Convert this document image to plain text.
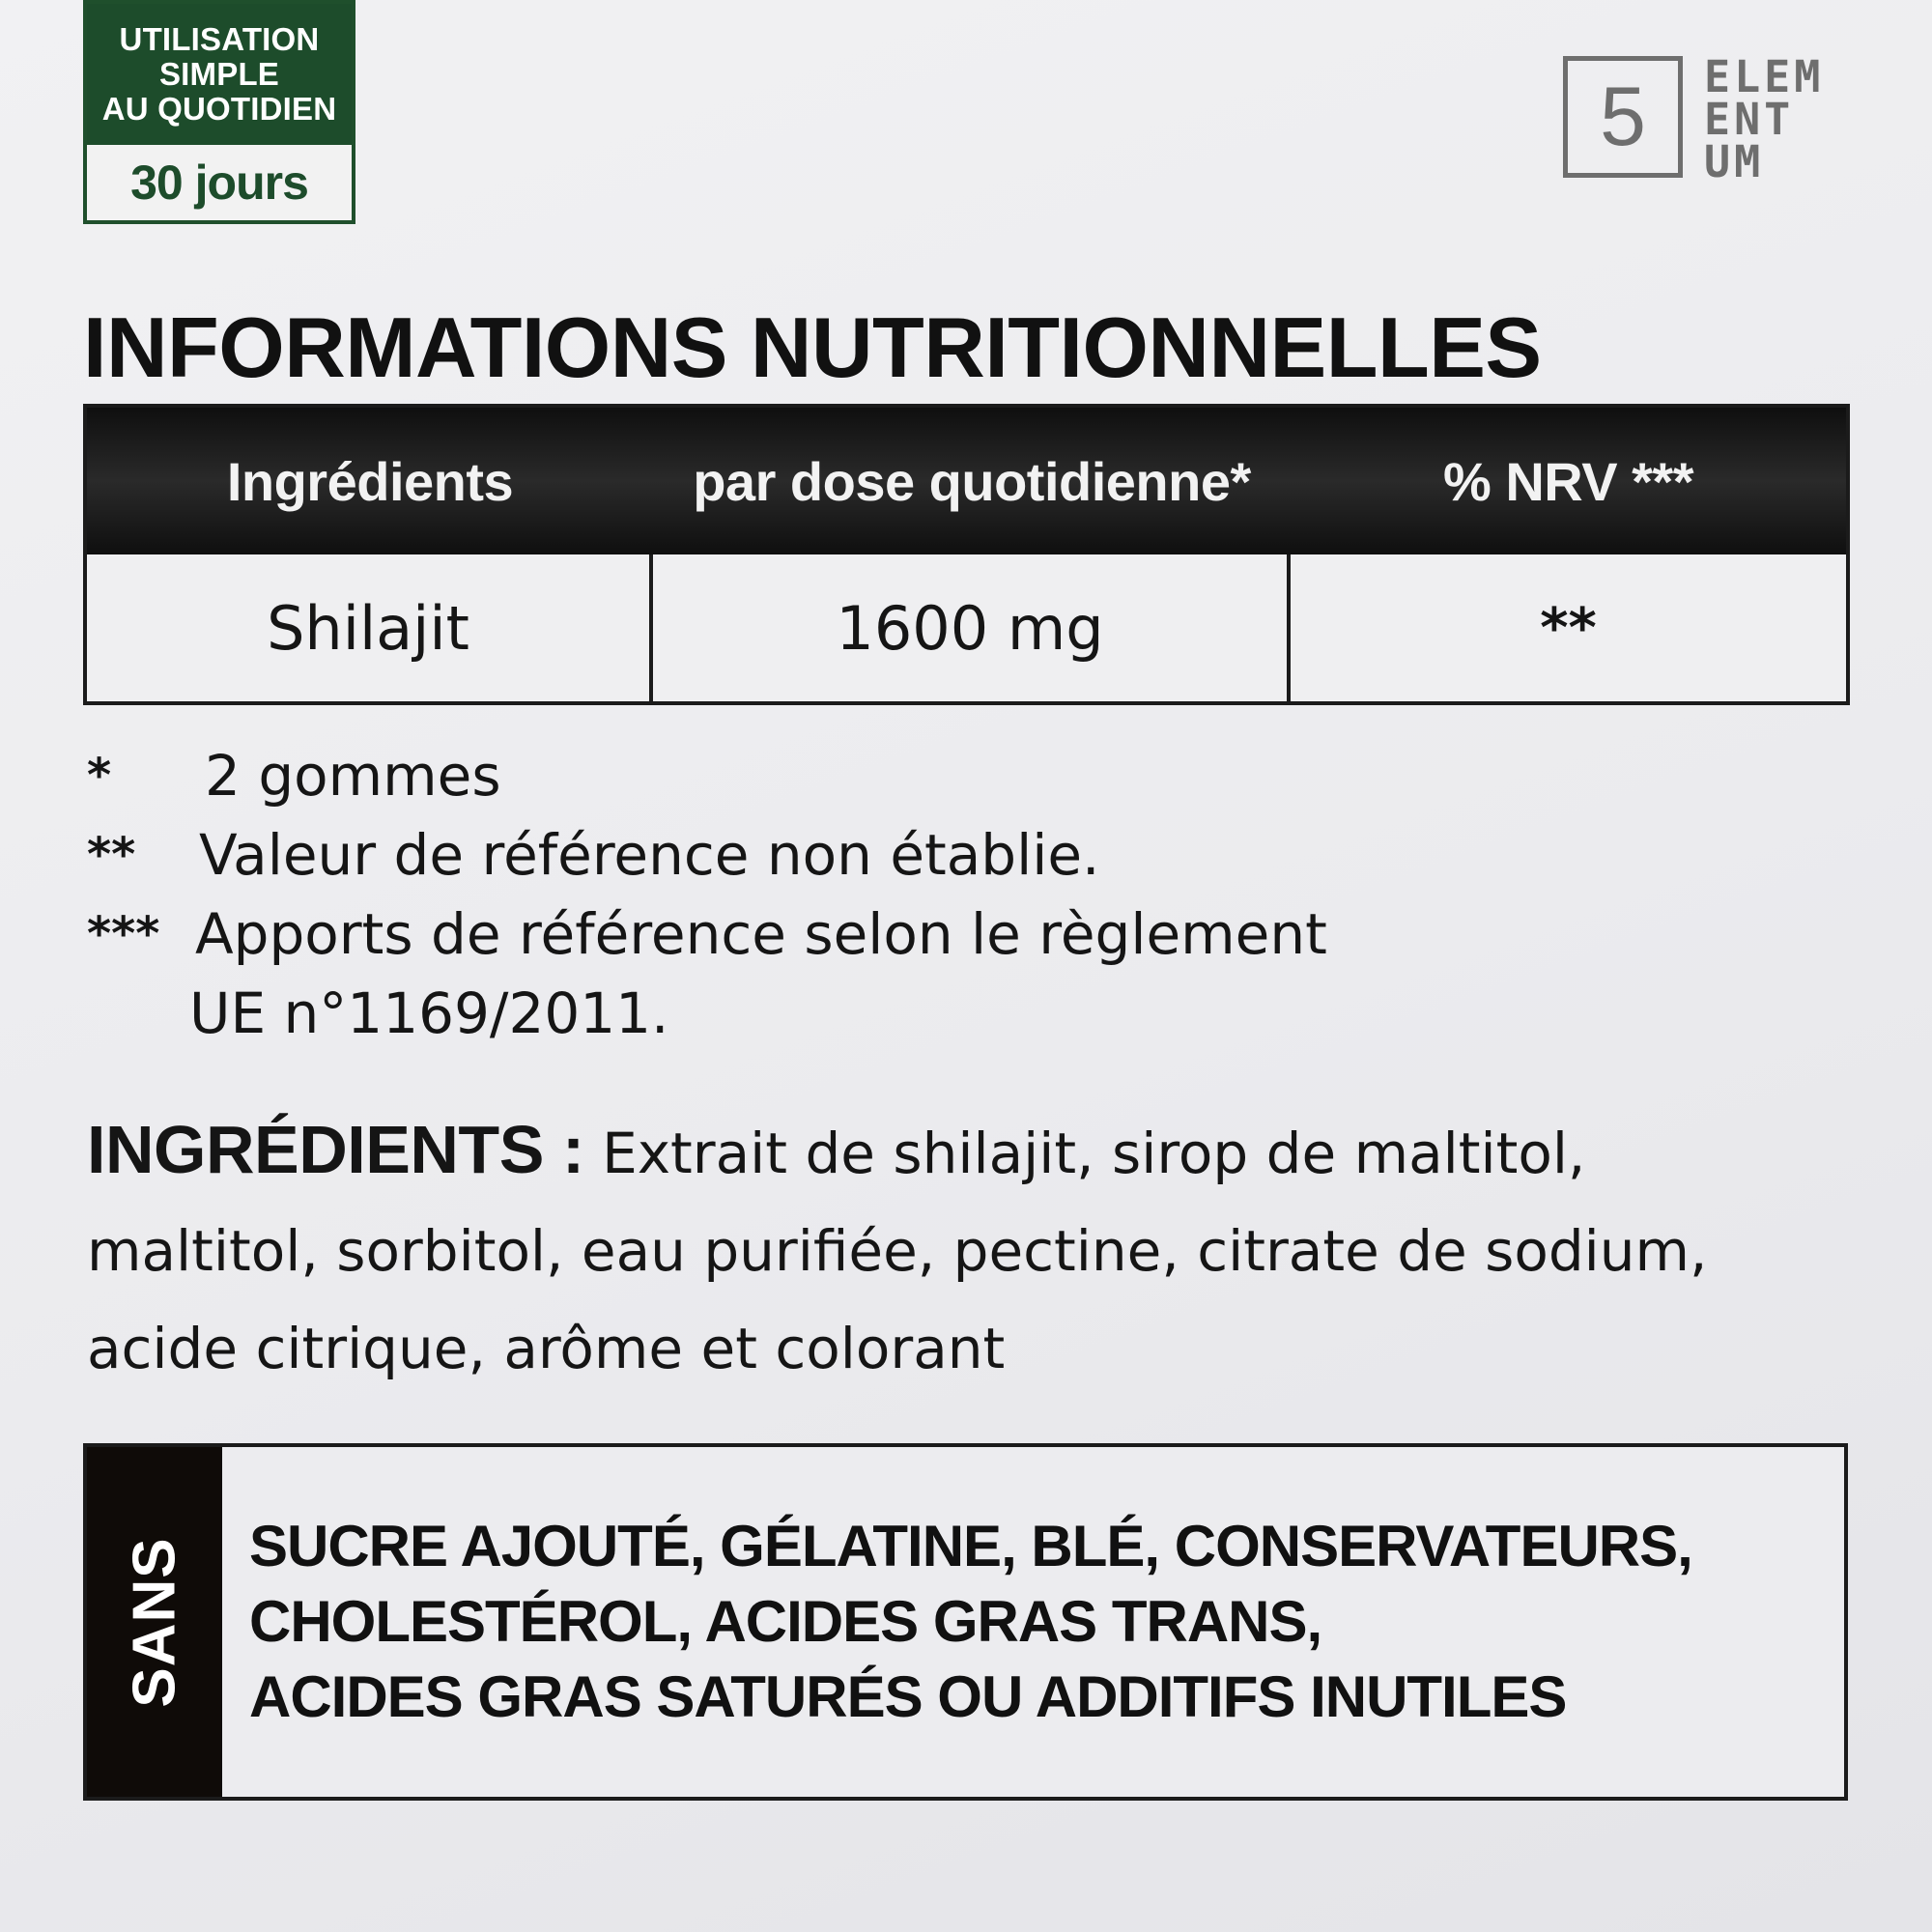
UTILISATION
SIMPLE
AU QUOTIDIEN
30 jours
5	ELEM
ENT
UM
INFORMATIONS NUTRITIONNELLES
Ingrédients	par dose quotidienne*	% NRV ***
Shilajit	1600 mg	**
*	2 gommes
**	Valeur de référence non établie.
*** Apports de référence selon le règlement
UE n°1169/2011.

INGRÉDIENTS : Extrait de shilajit, sirop de maltitol, maltitol, sorbitol, eau purifiée, pectine, citrate de sodium, acide citrique, arôme et colorant

SANS SUCRE AJOUTÉ, GÉLATINE, BLÉ, CONSERVATEURS,
CHOLESTÉROL, ACIDES GRAS TRANS,
ACIDES GRAS SATURÉS OU ADDITIFS INUTILES
